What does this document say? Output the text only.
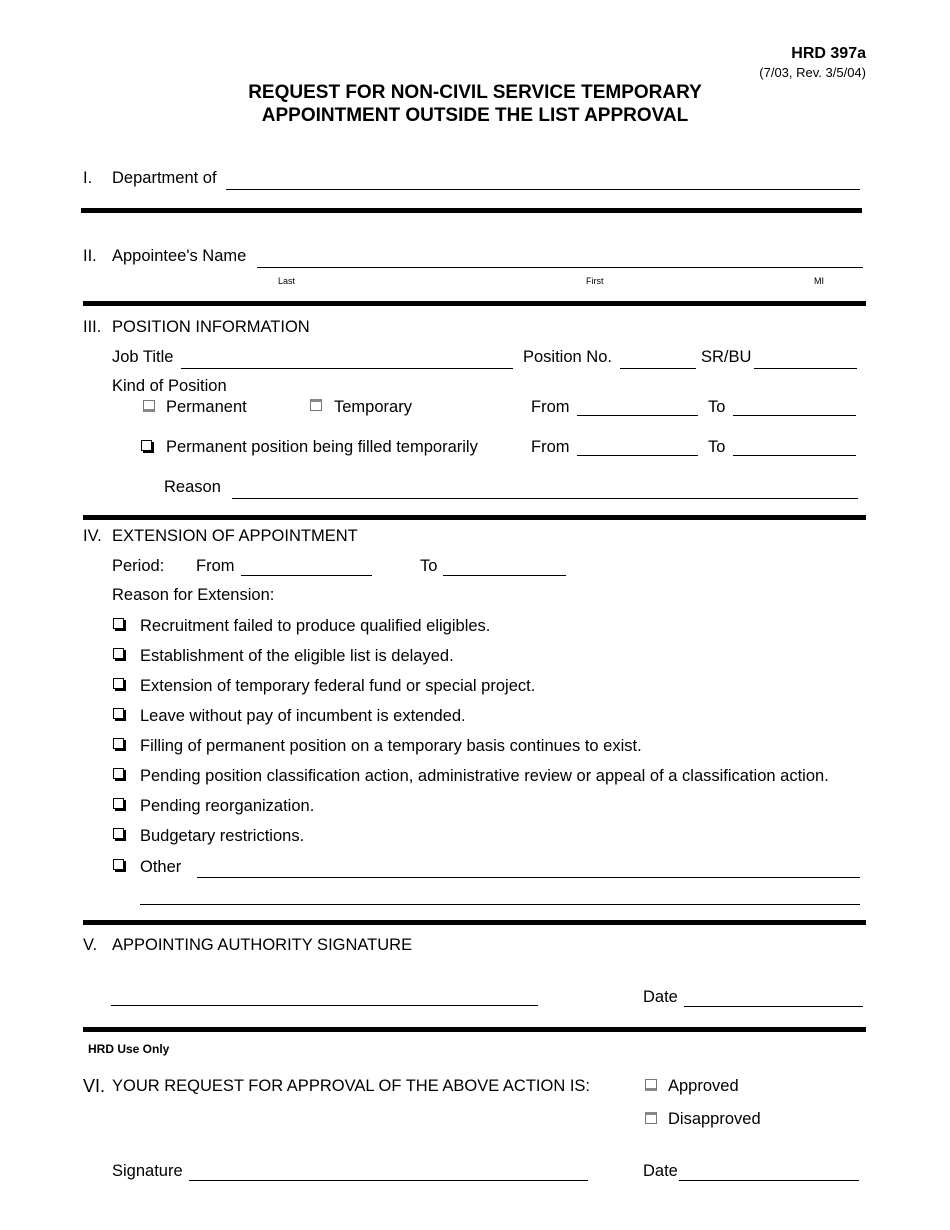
HRD 397a
(7/03, Rev. 3/5/04)
REQUEST FOR NON-CIVIL SERVICE TEMPORARY
APPOINTMENT OUTSIDE THE LIST APPROVAL
I. Department of
II. Appointee's Name
Last	First	MI
III. POSITION INFORMATION
Job Title	Position No.	SR/BU
Kind of Position
Permanent	Temporary	From	To
Permanent position being filled temporarily	From	To
Reason
IV. EXTENSION OF APPOINTMENT
Period: From	To
Reason for Extension:
Recruitment failed to produce qualified eligibles.
Establishment of the eligible list is delayed.
Extension of temporary federal fund or special project.
Leave without pay of incumbent is extended.
Filling of permanent position on a temporary basis continues to exist.
Pending position classification action, administrative review or appeal of a classification action.
Pending reorganization.
Budgetary restrictions.
Other
V. APPOINTING AUTHORITY SIGNATURE
Date
HRD Use Only
VI. YOUR REQUEST FOR APPROVAL OF THE ABOVE ACTION IS:	Approved
Disapproved
Signature	Date
